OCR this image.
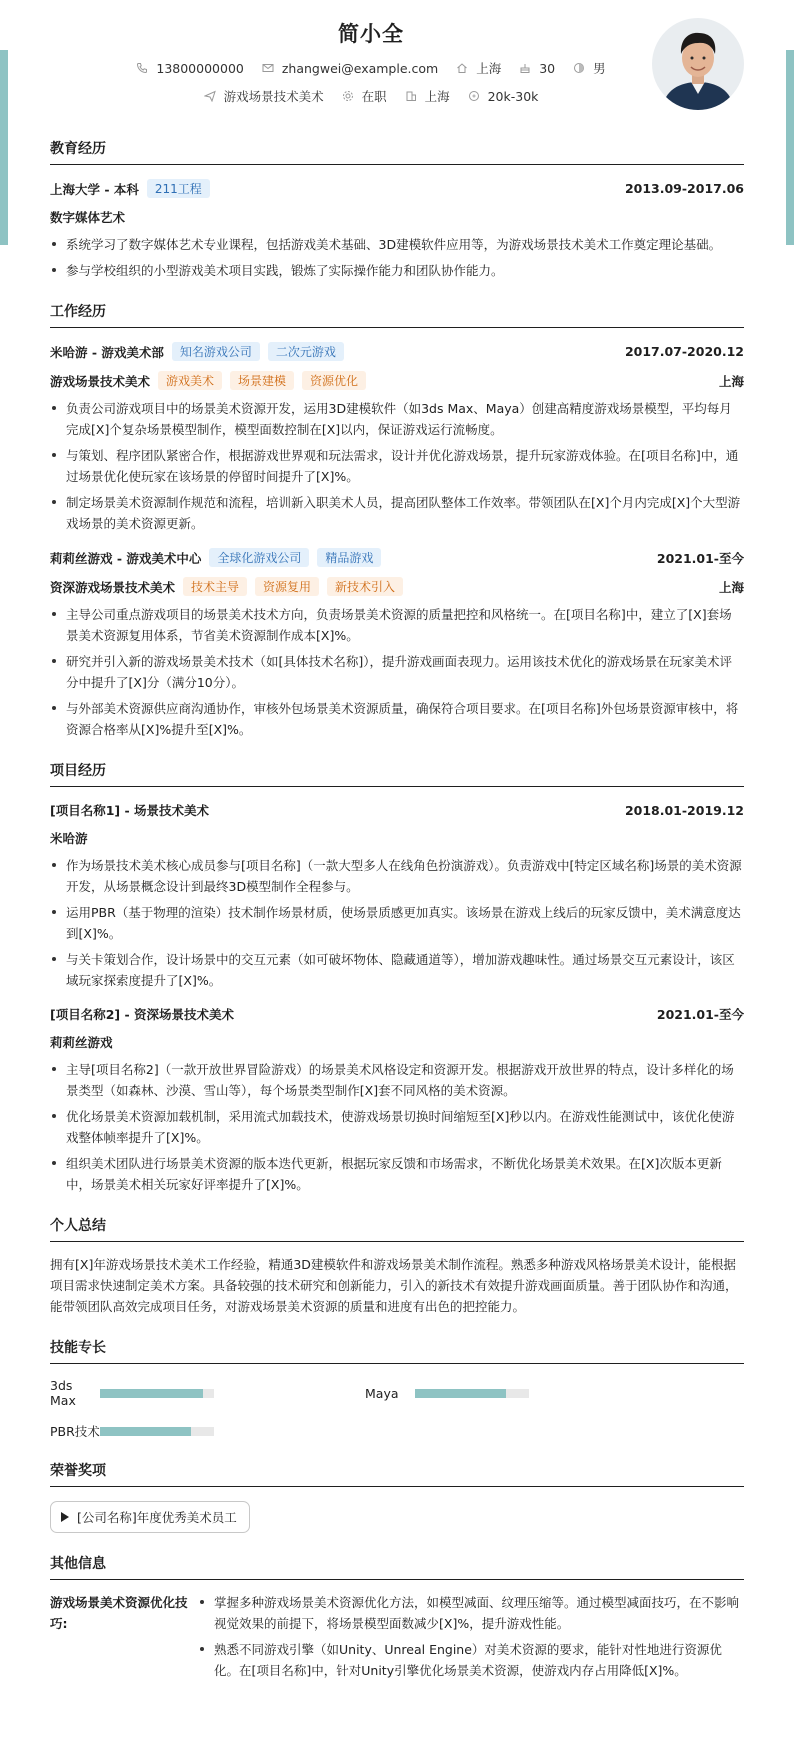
简小全
13800000000
	zhangwei@example.com
	上海
	30
	男
游戏场景技术美术
	在职
	上海
	20k-30k
教育经历
上海大学 - 本科	211工程	2013.09-2017.06
数字媒体艺术
系统学习了数字媒体艺术专业课程，包括游戏美术基础、3D建模软件应用等，为游戏场景技术美术工作奠定理论基础。
参与学校组织的小型游戏美术项目实践，锻炼了实际操作能力和团队协作能力。
工作经历
米哈游 - 游戏美术部	知名游戏公司	二次元游戏	2017.07-2020.12
游戏场景技术美术	游戏美术	场景建模	资源优化	上海
负责公司游戏项目中的场景美术资源开发，运用3D建模软件（如3ds Max、Maya）创建高精度游戏场景模型，平均每月完成[X]个复杂场景模型制作，模型面数控制在[X]以内，保证游戏运行流畅度。
与策划、程序团队紧密合作，根据游戏世界观和玩法需求，设计并优化游戏场景，提升玩家游戏体验。在[项目名称]中，通过场景优化使玩家在该场景的停留时间提升了[X]%。
制定场景美术资源制作规范和流程，培训新入职美术人员，提高团队整体工作效率。带领团队在[X]个月内完成[X]个大型游戏场景的美术资源更新。
莉莉丝游戏 - 游戏美术中心	全球化游戏公司	精品游戏	2021.01-至今
资深游戏场景技术美术	技术主导	资源复用	新技术引入	上海
主导公司重点游戏项目的场景美术技术方向，负责场景美术资源的质量把控和风格统一。在[项目名称]中，建立了[X]套场景美术资源复用体系，节省美术资源制作成本[X]%。
研究并引入新的游戏场景美术技术（如[具体技术名称]），提升游戏画面表现力。运用该技术优化的游戏场景在玩家美术评分中提升了[X]分（满分10分）。
与外部美术资源供应商沟通协作，审核外包场景美术资源质量，确保符合项目要求。在[项目名称]外包场景资源审核中，将资源合格率从[X]%提升至[X]%。
项目经历
[项目名称1] - 场景技术美术	2018.01-2019.12
米哈游
作为场景技术美术核心成员参与[项目名称]（一款大型多人在线角色扮演游戏）。负责游戏中[特定区域名称]场景的美术资源开发，从场景概念设计到最终3D模型制作全程参与。
运用PBR（基于物理的渲染）技术制作场景材质，使场景质感更加真实。该场景在游戏上线后的玩家反馈中，美术满意度达到[X]%。
与关卡策划合作，设计场景中的交互元素（如可破坏物体、隐藏通道等），增加游戏趣味性。通过场景交互元素设计，该区域玩家探索度提升了[X]%。
[项目名称2] - 资深场景技术美术	2021.01-至今
莉莉丝游戏
主导[项目名称2]（一款开放世界冒险游戏）的场景美术风格设定和资源开发。根据游戏开放世界的特点，设计多样化的场景类型（如森林、沙漠、雪山等），每个场景类型制作[X]套不同风格的美术资源。
优化场景美术资源加载机制，采用流式加载技术，使游戏场景切换时间缩短至[X]秒以内。在游戏性能测试中，该优化使游戏整体帧率提升了[X]%。
组织美术团队进行场景美术资源的版本迭代更新，根据玩家反馈和市场需求，不断优化场景美术效果。在[X]次版本更新中，场景美术相关玩家好评率提升了[X]%。
个人总结
拥有[X]年游戏场景技术美术工作经验，精通3D建模软件和游戏场景美术制作流程。熟悉多种游戏风格场景美术设计，能根据项目需求快速制定美术方案。具备较强的技术研究和创新能力，引入的新技术有效提升游戏画面质量。善于团队协作和沟通，能带领团队高效完成项目任务，对游戏场景美术资源的质量和进度有出色的把控能力。
技能专长
3ds Max	Maya
PBR技术
荣誉奖项
[公司名称]年度优秀美术员工
其他信息
游戏场景美术资源优化技巧:
掌握多种游戏场景美术资源优化方法，如模型减面、纹理压缩等。通过模型减面技巧，在不影响视觉效果的前提下，将场景模型面数减少[X]%，提升游戏性能。
熟悉不同游戏引擎（如Unity、Unreal Engine）对美术资源的要求，能针对性地进行资源优化。在[项目名称]中，针对Unity引擎优化场景美术资源，使游戏内存占用降低[X]%。
